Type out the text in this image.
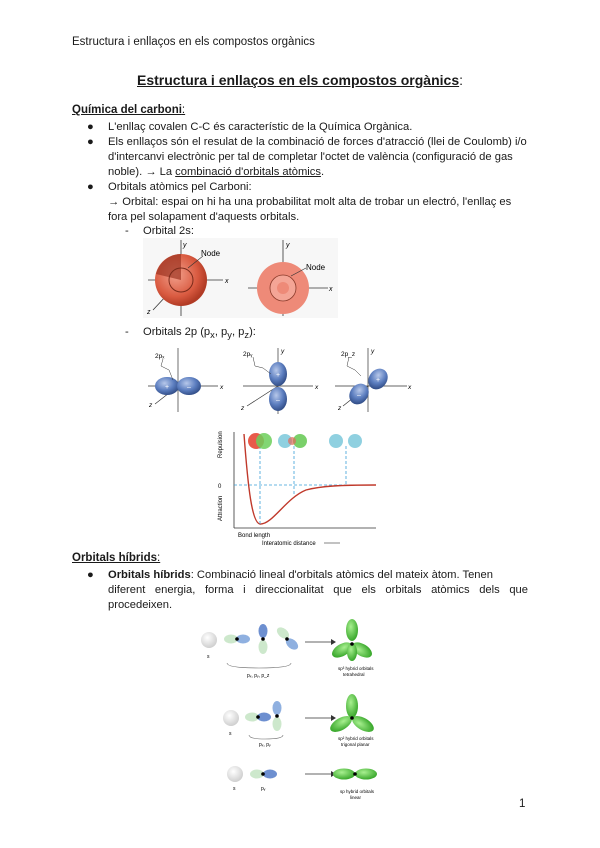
Estructura i enllaços en els compostos orgànics
Estructura i enllaços en els compostos orgànics:
Química del carboni:
● L'enllaç covalen C-C és característic de la Química Orgànica.
● Els enllaços són el resulat de la combinació de forces d'atracció (llei de Coulomb) i/o
d'intercanvi electrònic per tal de completar l'octet de valència (configuració de gas
noble). → La combinació d'orbitals atòmics.
● Orbitals atòmics pel Carboni:
→ Orbital: espai on hi ha una probabilitat molt alta de trobar un electró, l'enllaç es
fora pel solapament d'aquests orbitals.
- Orbital 2s:
Node
y
x
z
Node
y
x
- Orbitals 2p ($p_x$, $p_y$, $p_z$):
+	–
2pₓ
x
z
+
–
2pᵧ	y
x
z
+
–
2p_z y
x
z
Repulsion
Attraction
0
Bond length
Interatomic distance
Orbitals híbrids:
● Orbitals híbrids: Combinació lineal d'orbitals atòmics del mateix àtom. Tenen
diferent energia, forma i direccionalitat que els orbitals atòmics dels que procedeixen.
s
pₓ, pᵧ, p_z
sp³ hybrid orbitals
tetrahedral
s
pₓ, pᵧ
sp² hybrid orbitals
trigonal planar
s	pᵧ	sp hybrid orbitals
linear
1
